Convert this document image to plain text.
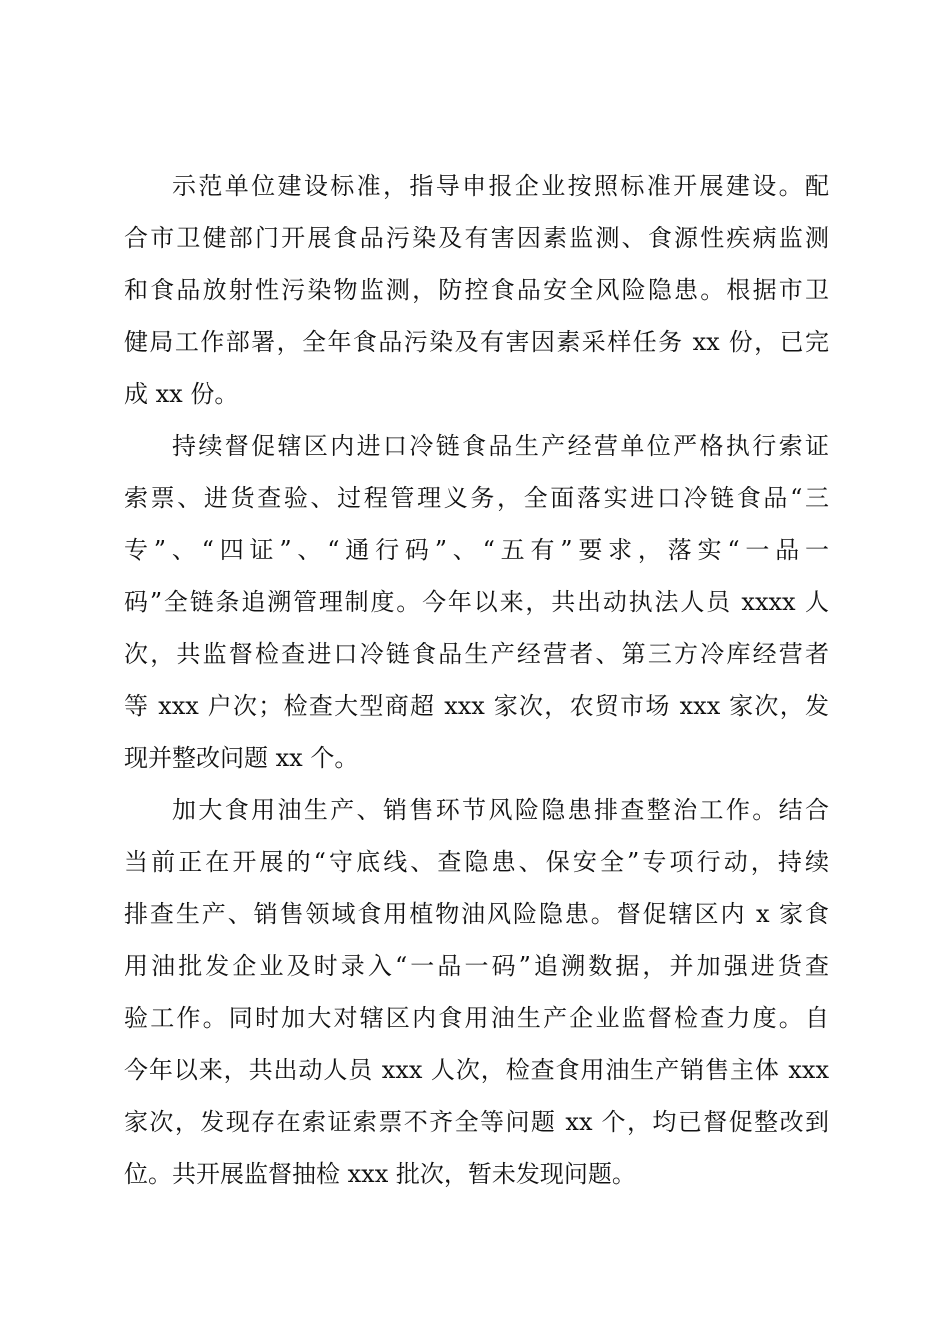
示范单位建设标准，指导申报企业按照标准开展建设。配
合市卫健部门开展食品污染及有害因素监测、食源性疾病监测
和食品放射性污染物监测，防控食品安全风险隐患。根据市卫
健局工作部署，全年食品污染及有害因素采样任务 xx 份，已完
成 xx 份。
持续督促辖区内进口冷链食品生产经营单位严格执行索证
索票、进货查验、过程管理义务，全面落实进口冷链食品“三
专”、“四证”、“通行码”、“五有”要求，落实“一品一
码”全链条追溯管理制度。今年以来，共出动执法人员 xxxx 人
次，共监督检查进口冷链食品生产经营者、第三方冷库经营者
等 xxx 户次；检查大型商超 xxx 家次，农贸市场 xxx 家次，发
现并整改问题 xx 个。
加大食用油生产、销售环节风险隐患排查整治工作。结合
当前正在开展的“守底线、查隐患、保安全”专项行动，持续
排查生产、销售领域食用植物油风险隐患。督促辖区内 x 家食
用油批发企业及时录入“一品一码”追溯数据，并加强进货查
验工作。同时加大对辖区内食用油生产企业监督检查力度。自
今年以来，共出动人员 xxx 人次，检查食用油生产销售主体 xxx
家次，发现存在索证索票不齐全等问题 xx 个，均已督促整改到
位。共开展监督抽检 xxx 批次，暂未发现问题。
